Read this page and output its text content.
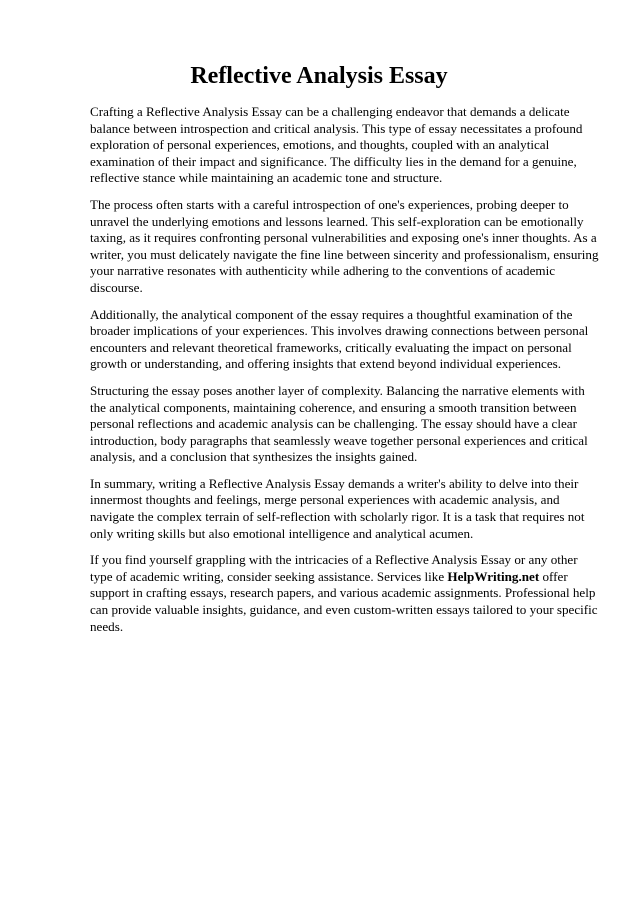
Reflective Analysis Essay

Crafting a Reflective Analysis Essay can be a challenging endeavor that demands a delicate balance between introspection and critical analysis. This type of essay necessitates a profound exploration of personal experiences, emotions, and thoughts, coupled with an analytical examination of their impact and significance. The difficulty lies in the demand for a genuine, reflective stance while maintaining an academic tone and structure.

The process often starts with a careful introspection of one's experiences, probing deeper to unravel the underlying emotions and lessons learned. This self-exploration can be emotionally taxing, as it requires confronting personal vulnerabilities and exposing one's inner thoughts. As a writer, you must delicately navigate the fine line between sincerity and professionalism, ensuring your narrative resonates with authenticity while adhering to the conventions of academic discourse.

Additionally, the analytical component of the essay requires a thoughtful examination of the broader implications of your experiences. This involves drawing connections between personal encounters and relevant theoretical frameworks, critically evaluating the impact on personal growth or understanding, and offering insights that extend beyond individual experiences.

Structuring the essay poses another layer of complexity. Balancing the narrative elements with the analytical components, maintaining coherence, and ensuring a smooth transition between personal reflections and academic analysis can be challenging. The essay should have a clear introduction, body paragraphs that seamlessly weave together personal experiences and critical analysis, and a conclusion that synthesizes the insights gained.

In summary, writing a Reflective Analysis Essay demands a writer's ability to delve into their innermost thoughts and feelings, merge personal experiences with academic analysis, and navigate the complex terrain of self-reflection with scholarly rigor. It is a task that requires not only writing skills but also emotional intelligence and analytical acumen.

If you find yourself grappling with the intricacies of a Reflective Analysis Essay or any other type of academic writing, consider seeking assistance. Services like HelpWriting.net offer support in crafting essays, research papers, and various academic assignments. Professional help can provide valuable insights, guidance, and even custom-written essays tailored to your specific needs.
